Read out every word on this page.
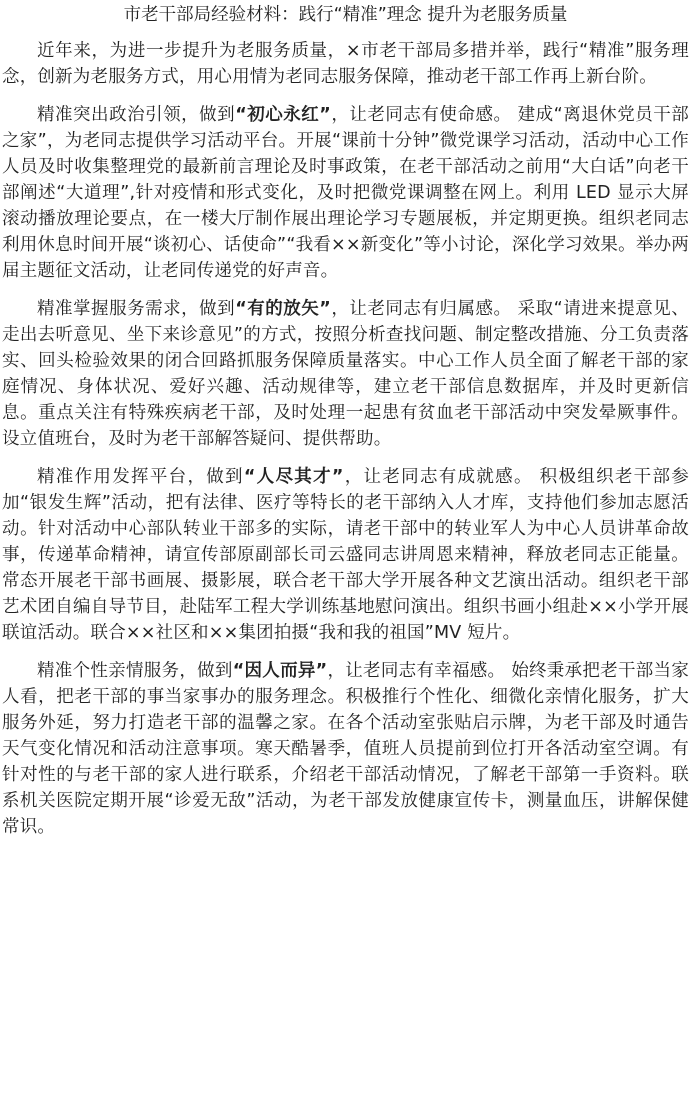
市老干部局经验材料：践行“精准”理念 提升为老服务质量

近年来，为进一步提升为老服务质量，×市老干部局多措并举，践行“精准”服务理念，创新为老服务方式，用心用情为老同志服务保障，推动老干部工作再上新台阶。

精准突出政治引领，做到“初心永红”，让老同志有使命感。 建成“离退休党员干部之家”，为老同志提供学习活动平台。开展“课前十分钟”微党课学习活动，活动中心工作人员及时收集整理党的最新前言理论及时事政策，在老干部活动之前用“大白话”向老干部阐述“大道理”,针对疫情和形式变化，及时把微党课调整在网上。利用 LED 显示大屏滚动播放理论要点，在一楼大厅制作展出理论学习专题展板，并定期更换。组织老同志利用休息时间开展“谈初心、话使命”“我看××新变化”等小讨论，深化学习效果。举办两届主题征文活动，让老同传递党的好声音。

精准掌握服务需求，做到“有的放矢”，让老同志有归属感。 采取“请进来提意见、走出去听意见、坐下来诊意见”的方式，按照分析查找问题、制定整改措施、分工负责落实、回头检验效果的闭合回路抓服务保障质量落实。中心工作人员全面了解老干部的家庭情况、身体状况、爱好兴趣、活动规律等，建立老干部信息数据库，并及时更新信息。重点关注有特殊疾病老干部，及时处理一起患有贫血老干部活动中突发晕厥事件。设立值班台，及时为老干部解答疑问、提供帮助。

精准作用发挥平台，做到“人尽其才”，让老同志有成就感。 积极组织老干部参加“银发生辉”活动，把有法律、医疗等特长的老干部纳入人才库，支持他们参加志愿活动。针对活动中心部队转业干部多的实际，请老干部中的转业军人为中心人员讲革命故事，传递革命精神，请宣传部原副部长司云盛同志讲周恩来精神，释放老同志正能量。常态开展老干部书画展、摄影展，联合老干部大学开展各种文艺演出活动。组织老干部艺术团自编自导节目，赴陆军工程大学训练基地慰问演出。组织书画小组赴××小学开展联谊活动。联合××社区和××集团拍摄“我和我的祖国”MV 短片。

精准个性亲情服务，做到“因人而异”，让老同志有幸福感。 始终秉承把老干部当家人看，把老干部的事当家事办的服务理念。积极推行个性化、细微化亲情化服务，扩大服务外延，努力打造老干部的温馨之家。在各个活动室张贴启示牌，为老干部及时通告天气变化情况和活动注意事项。寒天酷暑季，值班人员提前到位打开各活动室空调。有针对性的与老干部的家人进行联系，介绍老干部活动情况，了解老干部第一手资料。联系机关医院定期开展“诊爱无敌”活动，为老干部发放健康宣传卡，测量血压，讲解保健常识。
